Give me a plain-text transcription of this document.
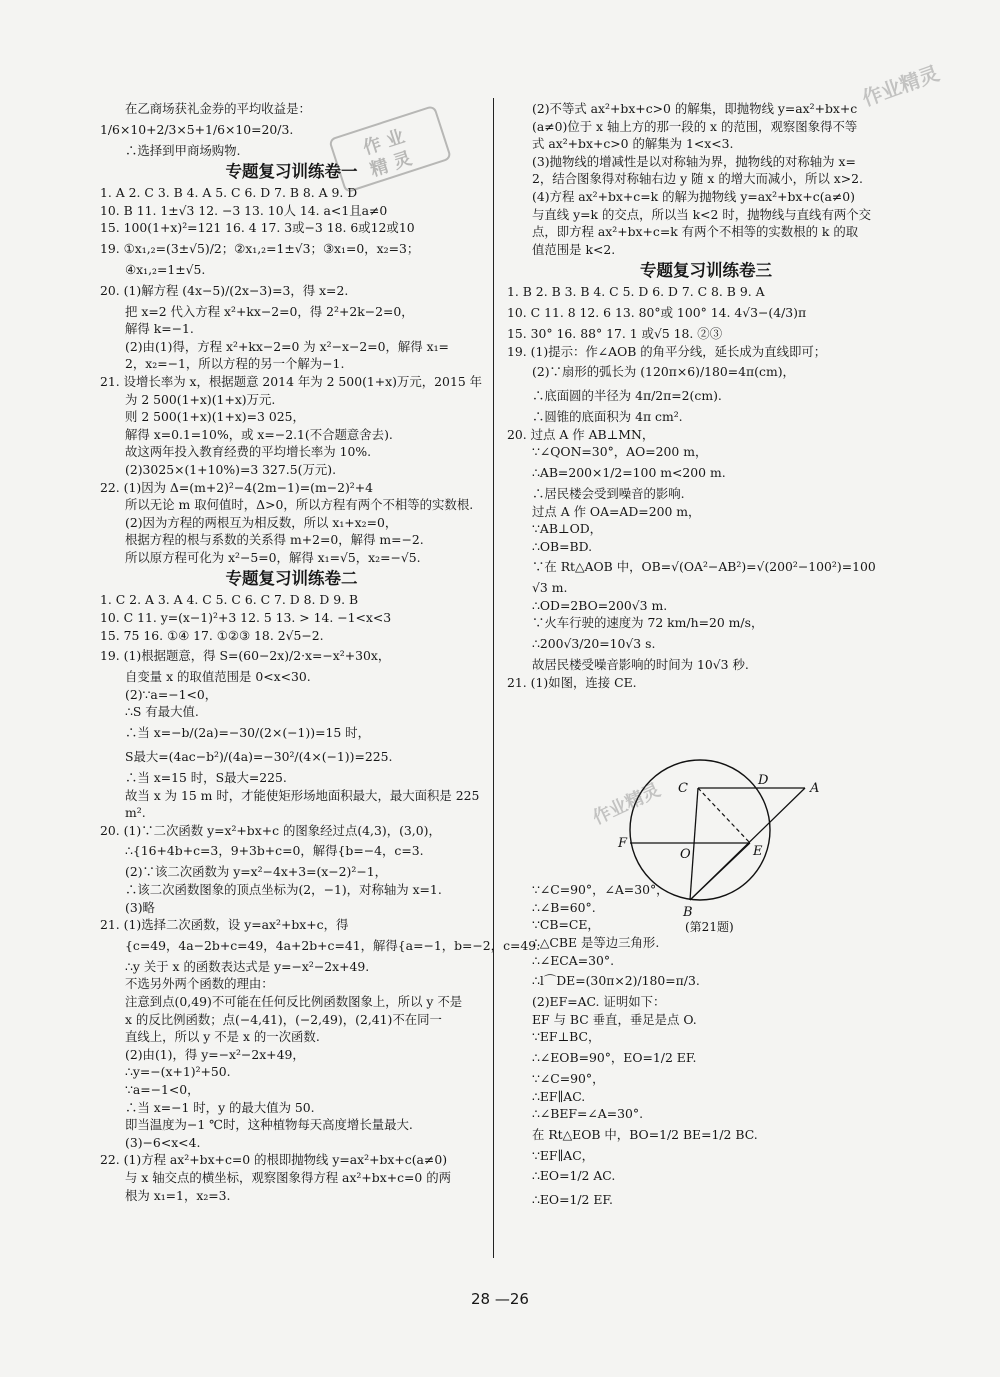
在乙商场获礼金券的平均收益是：
1/6×10+2/3×5+1/6×10=20/3.
∴选择到甲商场购物.
专题复习训练卷一
1. A 2. C 3. B 4. A 5. C 6. D 7. B 8. A 9. D
10. B 11. 1±√3 12. −3 13. 10人 14. a<1且a≠0
15. 100(1+x)²=121 16. 4 17. 3或−3 18. 6或12或10
19. ①x₁,₂=(3±√5)/2；②x₁,₂=1±√3；③x₁=0，x₂=3；
④x₁,₂=1±√5.
20. (1)解方程 (4x−5)/(2x−3)=3，得 x=2.
把 x=2 代入方程 x²+kx−2=0，得 2²+2k−2=0，
解得 k=−1.
(2)由(1)得，方程 x²+kx−2=0 为 x²−x−2=0，解得 x₁=
2，x₂=−1，所以方程的另一个解为−1.
21. 设增长率为 x，根据题意 2014 年为 2 500(1+x)万元，2015 年
为 2 500(1+x)(1+x)万元.
则 2 500(1+x)(1+x)=3 025，
解得 x=0.1=10%，或 x=−2.1(不合题意舍去).
故这两年投入教育经费的平均增长率为 10%.
(2)3025×(1+10%)=3 327.5(万元).
22. (1)因为 Δ=(m+2)²−4(2m−1)=(m−2)²+4
所以无论 m 取何值时，Δ>0，所以方程有两个不相等的实数根.
(2)因为方程的两根互为相反数，所以 x₁+x₂=0，
根据方程的根与系数的关系得 m+2=0，解得 m=−2.
所以原方程可化为 x²−5=0，解得 x₁=√5，x₂=−√5.
专题复习训练卷二
1. C 2. A 3. A 4. C 5. C 6. C 7. D 8. D 9. B
10. C 11. y=(x−1)²+3 12. 5 13. > 14. −1<x<3
15. 75 16. ①④ 17. ①②③ 18. 2√5−2.
19. (1)根据题意，得 S=(60−2x)/2·x=−x²+30x，
自变量 x 的取值范围是 0<x<30.
(2)∵a=−1<0，
∴S 有最大值.
∴当 x=−b/(2a)=−30/(2×(−1))=15 时，
S最大=(4ac−b²)/(4a)=−30²/(4×(−1))=225.
∴当 x=15 时，S最大=225.
故当 x 为 15 m 时，才能使矩形场地面积最大，最大面积是 225
m².
20. (1)∵二次函数 y=x²+bx+c 的图象经过点(4,3)，(3,0)，
∴{16+4b+c=3，9+3b+c=0，解得{b=−4，c=3.
(2)∵该二次函数为 y=x²−4x+3=(x−2)²−1，
∴该二次函数图象的顶点坐标为(2，−1)，对称轴为 x=1.
(3)略
21. (1)选择二次函数，设 y=ax²+bx+c，得
{c=49，4a−2b+c=49，4a+2b+c=41，解得{a=−1，b=−2，c=49.
∴y 关于 x 的函数表达式是 y=−x²−2x+49.
不选另外两个函数的理由：
注意到点(0,49)不可能在任何反比例函数图象上，所以 y 不是
x 的反比例函数；点(−4,41)，(−2,49)，(2,41)不在同一
直线上，所以 y 不是 x 的一次函数.
(2)由(1)，得 y=−x²−2x+49，
∴y=−(x+1)²+50.
∵a=−1<0，
∴当 x=−1 时，y 的最大值为 50.
即当温度为−1 ℃时，这种植物每天高度增长量最大.
(3)−6<x<4.
22. (1)方程 ax²+bx+c=0 的根即抛物线 y=ax²+bx+c(a≠0)
与 x 轴交点的横坐标，观察图象得方程 ax²+bx+c=0 的两
根为 x₁=1，x₂=3.
(2)不等式 ax²+bx+c>0 的解集，即抛物线 y=ax²+bx+c
(a≠0)位于 x 轴上方的那一段的 x 的范围，观察图象得不等
式 ax²+bx+c>0 的解集为 1<x<3.
(3)抛物线的增减性是以对称轴为界，抛物线的对称轴为 x=
2，结合图象得对称轴右边 y 随 x 的增大而减小，所以 x>2.
(4)方程 ax²+bx+c=k 的解为抛物线 y=ax²+bx+c(a≠0)
与直线 y=k 的交点，所以当 k<2 时，抛物线与直线有两个交
点，即方程 ax²+bx+c=k 有两个不相等的实数根的 k 的取
值范围是 k<2.
专题复习训练卷三
1. B 2. B 3. B 4. C 5. D 6. D 7. C 8. B 9. A
10. C 11. 8 12. 6 13. 80°或 100° 14. 4√3−(4/3)π
15. 30° 16. 88° 17. 1 或√5 18. ②③
19. (1)提示：作∠AOB 的角平分线，延长成为直线即可；
(2)∵扇形的弧长为 (120π×6)/180=4π(cm)，
∴底面圆的半径为 4π/2π=2(cm).
∴圆锥的底面积为 4π cm².
20. 过点 A 作 AB⊥MN，
∵∠QON=30°，AO=200 m，
∴AB=200×1/2=100 m<200 m.
∴居民楼会受到噪音的影响.
过点 A 作 OA=AD=200 m，
∵AB⊥OD，
∴OB=BD.
∵在 Rt△AOB 中，OB=√(OA²−AB²)=√(200²−100²)=100
√3 m.
∴OD=2BO=200√3 m.
∵火车行驶的速度为 72 km/h=20 m/s，
∴200√3/20=10√3 s.
故居民楼受噪音影响的时间为 10√3 秒.
21. (1)如图，连接 CE.
∵∠C=90°，∠A=30°，
∴∠B=60°.
∵CB=CE，
∴△CBE 是等边三角形.
∴∠ECA=30°.
∴l⌒DE=(30π×2)/180=π/3.
(2)EF=AC. 证明如下：
EF 与 BC 垂直，垂足是点 O.
∵EF⊥BC，
∴∠EOB=90°，EO=1/2 EF.
∵∠C=90°，
∴EF∥AC.
∴∠BEF=∠A=30°.
在 Rt△EOB 中，BO=1/2 BE=1/2 BC.
∵EF∥AC，
∴EO=1/2 AC.
∴EO=1/2 EF.
C
D
A
F
O	E
B
(第21题)
作 业
精 灵
作业精灵
作业精灵
28 —26
